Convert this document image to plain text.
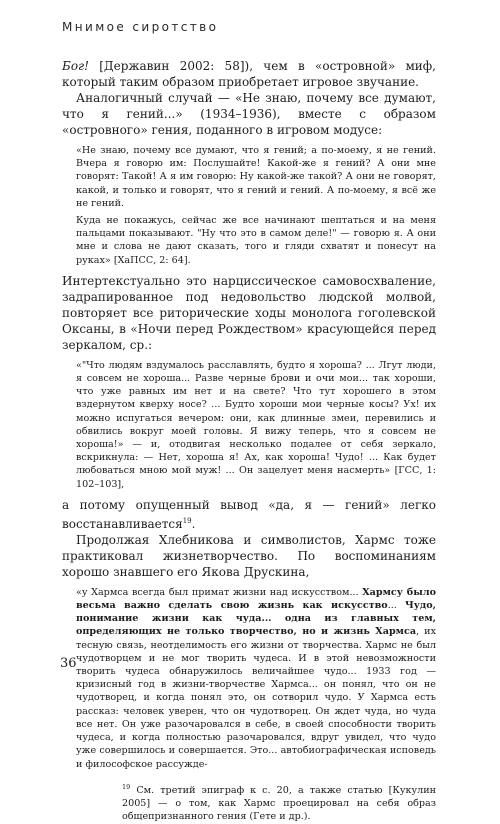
Мнимое сиротство

Бог! [Державин 2002: 58]), чем в «островной» миф, который таким образом приобретает игровое звучание.

Аналогичный случай — «Не знаю, почему все думают, что я гений...» (1934–1936), вместе с образом «островного» гения, поданного в игровом модусе:

«Не знаю, почему все думают, что я гений; а по-моему, я не гений. Вчера я говорю им: Послушайте! Какой-же я гений? А они мне говорят: Такой! А я им говорю: Ну какой-же такой? А они не говорят, какой, и только и говорят, что я гений и гений. А по-моему, я всё же не гений.

Куда не покажусь, сейчас же все начинают шептаться и на меня пальцами показывают. "Ну что это в самом деле!" — говорю я. А они мне и слова не дают сказать, того и гляди схватят и понесут на руках» [ХаПСС, 2: 64].

Интертекстуально это нарциссическое самовосхваление, задрапированное под недовольство людской молвой, повторяет все риторические ходы монолога гоголевской Оксаны, в «Ночи перед Рождеством» красующейся перед зеркалом, ср.:

«"Что людям вздумалось расславлять, будто я хороша? ... Лгут люди, я совсем не хороша... Разве черные брови и очи мои... так хороши, что уже равных им нет и на свете? Что тут хорошего в этом вздернутом кверху носе? ... Будто хороши мои черные косы? Ух! их можно испугаться вечером: они, как длинные змеи, перевились и обвились вокруг моей головы. Я вижу теперь, что я совсем не хороша!» — и, отодвигая несколько подалее от себя зеркало, вскрикнула: — Нет, хороша я! Ах, как хороша! Чудо! ... Как будет любоваться мною мой муж! ... Он зацелует меня насмерть» [ГСС, 1: 102–103],

а потому опущенный вывод «да, я — гений» легко восстанавливается$^{19}$.

Продолжая Хлебникова и символистов, Хармс тоже практиковал жизнетворчество. По воспоминаниям хорошо знавшего его Якова Друскина,

«у Хармса всегда был примат жизни над искусством... Хармсу было весьма важно сделать свою жизнь как искусство... Чудо, понимание жизни как чуда... одна из главных тем, определяющих не только творчество, но и жизнь Хармса, их тесную связь, неотделимость его жизни от творчества. Хармс не был чудотворцем и не мог творить чудеса. И в этой невозможности творить чудеса обнаружилось величайшее чудо... 1933 год — кризисный год в жизни-творчестве Хармса... он понял, что он не чудотворец, и когда понял это, он сотворил чудо. У Хармса есть рассказ: человек уверен, что он чудотворец. Он ждет чуда, но чуда все нет. Он уже разочаровался в себе, в своей способности творить чудеса, и когда полностью разочаровался, вдруг увидел, что чудо уже совершилось и совершается. Это... автобиографическая исповедь и философское рассужде-

$^{19}$ См. третий эпиграф к с. 20, а также статью [Кукулин 2005] — о том, как Хармс проецировал на себя образ общепризнанного гения (Гете и др.).

36
